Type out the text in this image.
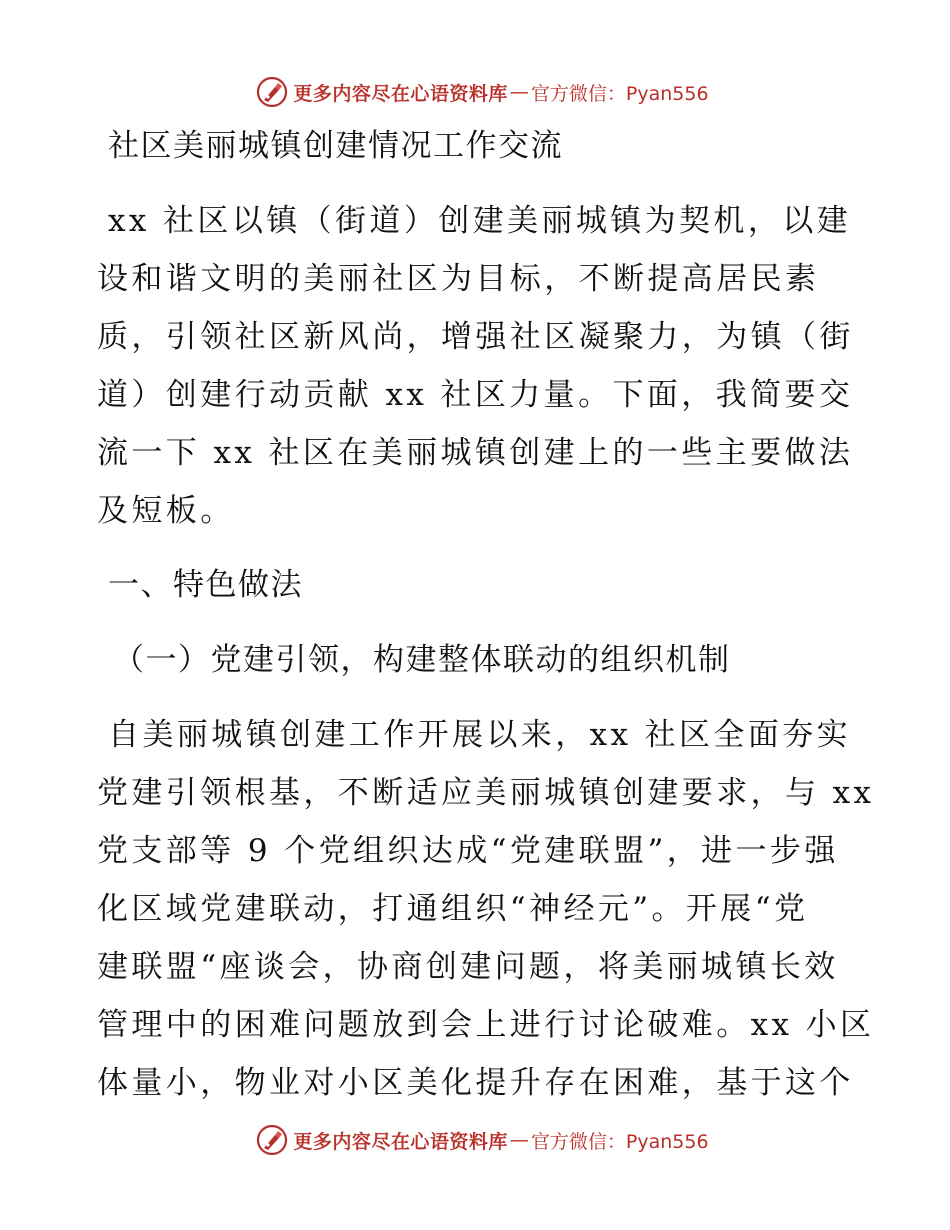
更多内容尽在心语资料库 — 官方微信：Pyan556
社区美丽城镇创建情况工作交流
xx 社区以镇（街道）创建美丽城镇为契机，以建
设和谐文明的美丽社区为目标，不断提高居民素
质，引领社区新风尚，增强社区凝聚力，为镇（街
道）创建行动贡献 xx 社区力量。下面，我简要交
流一下 xx 社区在美丽城镇创建上的一些主要做法
及短板。
一、特色做法
（一）党建引领，构建整体联动的组织机制
自美丽城镇创建工作开展以来，xx 社区全面夯实
党建引领根基，不断适应美丽城镇创建要求，与 xx
党支部等 9 个党组织达成“党建联盟”，进一步强
化区域党建联动，打通组织“神经元”。开展“党
建联盟“座谈会，协商创建问题，将美丽城镇长效
管理中的困难问题放到会上进行讨论破难。xx 小区
体量小，物业对小区美化提升存在困难，基于这个
更多内容尽在心语资料库 — 官方微信：Pyan556
